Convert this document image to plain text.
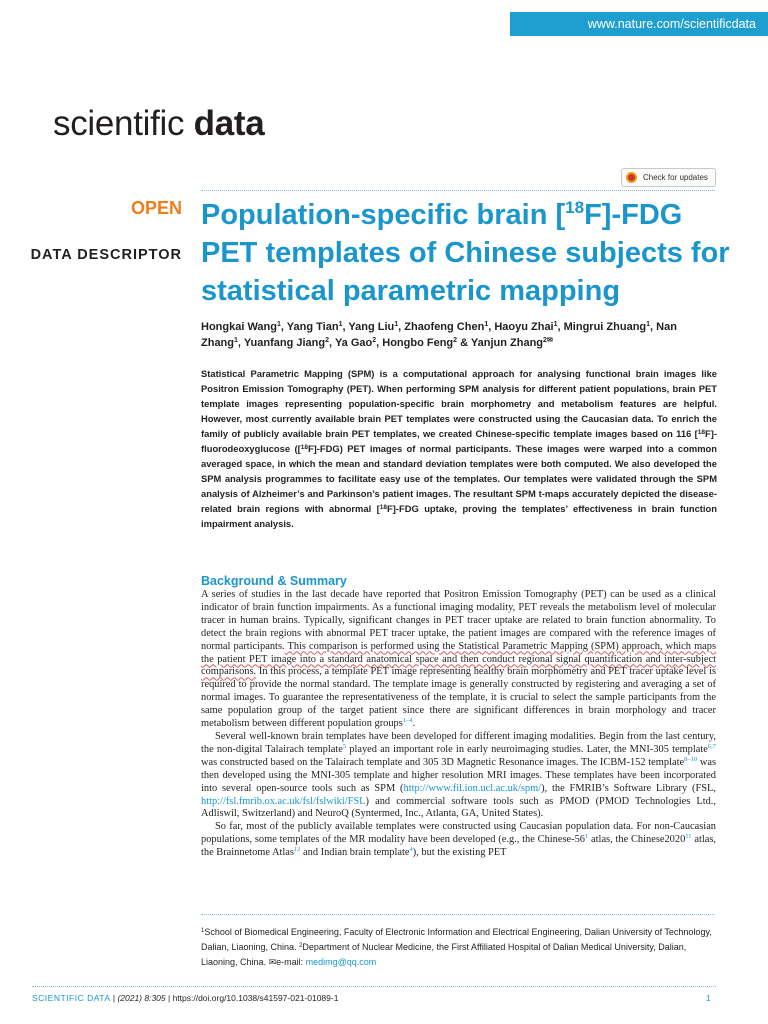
www.nature.com/scientificdata
scientific data
Check for updates
OPEN
DATA DESCRIPTOR
Population-specific brain [$^{18}$F]-FDG PET templates of Chinese subjects for statistical parametric mapping
Hongkai Wang$^1$, Yang Tian$^1$, Yang Liu$^1$, Zhaofeng Chen$^1$, Haoyu Zhai$^1$, Mingrui Zhuang$^1$, Nan Zhang$^1$, Yuanfang Jiang$^2$, Ya Gao$^2$, Hongbo Feng$^2$ & Yanjun Zhang$^{2✉}$
Statistical Parametric Mapping (SPM) is a computational approach for analysing functional brain images like Positron Emission Tomography (PET). When performing SPM analysis for different patient populations, brain PET template images representing population-specific brain morphometry and metabolism features are helpful. However, most currently available brain PET templates were constructed using the Caucasian data. To enrich the family of publicly available brain PET templates, we created Chinese-specific template images based on 116 [$^{18}$F]-fluorodeoxyglucose ([$^{18}$F]-FDG) PET images of normal participants. These images were warped into a common averaged space, in which the mean and standard deviation templates were both computed. We also developed the SPM analysis programmes to facilitate easy use of the templates. Our templates were validated through the SPM analysis of Alzheimer’s and Parkinson’s patient images. The resultant SPM t-maps accurately depicted the disease-related brain regions with abnormal [$^{18}$F]-FDG uptake, proving the templates’ effectiveness in brain function impairment analysis.
Background & Summary

A series of studies in the last decade have reported that Positron Emission Tomography (PET) can be used as a clinical indicator of brain function impairments. As a functional imaging modality, PET reveals the metabolism level of molecular tracer in human brains. Typically, significant changes in PET tracer uptake are related to brain function abnormality. To detect the brain regions with abnormal PET tracer uptake, the patient images are compared with the reference images of normal participants. This comparison is performed using the Statistical Parametric Mapping (SPM) approach, which maps the patient PET image into a standard anatomical space and then conduct regional signal quantification and inter-subject comparisons. In this process, a template PET image representing healthy brain morphometry and PET tracer uptake level is required to provide the normal standard. The template image is generally constructed by registering and averaging a set of normal images. To guarantee the representativeness of the template, it is crucial to select the sample participants from the same population group of the target patient since there are significant differences in brain morphology and tracer metabolism between different population groups$^{1-4}$.

Several well-known brain templates have been developed for different imaging modalities. Begin from the last century, the non-digital Talairach template$^5$ played an important role in early neuroimaging studies. Later, the MNI-305 template$^{6,7}$ was constructed based on the Talairach template and 305 3D Magnetic Resonance images. The ICBM-152 template$^{8-10}$ was then developed using the MNI-305 template and higher resolution MRI images. These templates have been incorporated into several open-source tools such as SPM (http://www.fil.ion.ucl.ac.uk/spm/), the FMRIB’s Software Library (FSL, http://fsl.fmrib.ox.ac.uk/fsl/fslwiki/FSL) and commercial software tools such as PMOD (PMOD Technologies Ltd., Adliswil, Switzerland) and NeuroQ (Syntermed, Inc., Atlanta, GA, United States).

So far, most of the publicly available templates were constructed using Caucasian population data. For non-Caucasian populations, some templates of the MR modality have been developed (e.g., the Chinese-$56^1$ atlas, the Chinese2020$^{11}$ atlas, the Brainnetome Atlas$^{12}$ and Indian brain template$^4$), but the existing PET

$^1$School of Biomedical Engineering, Faculty of Electronic Information and Electrical Engineering, Dalian University of Technology, Dalian, Liaoning, China. $^2$Department of Nuclear Medicine, the First Affiliated Hospital of Dalian Medical University, Dalian, Liaoning, China. ✉e-mail: medimg@qq.com
SCIENTIFIC DATA | (2021) 8:305 | https://doi.org/10.1038/s41597-021-01089-1	1
